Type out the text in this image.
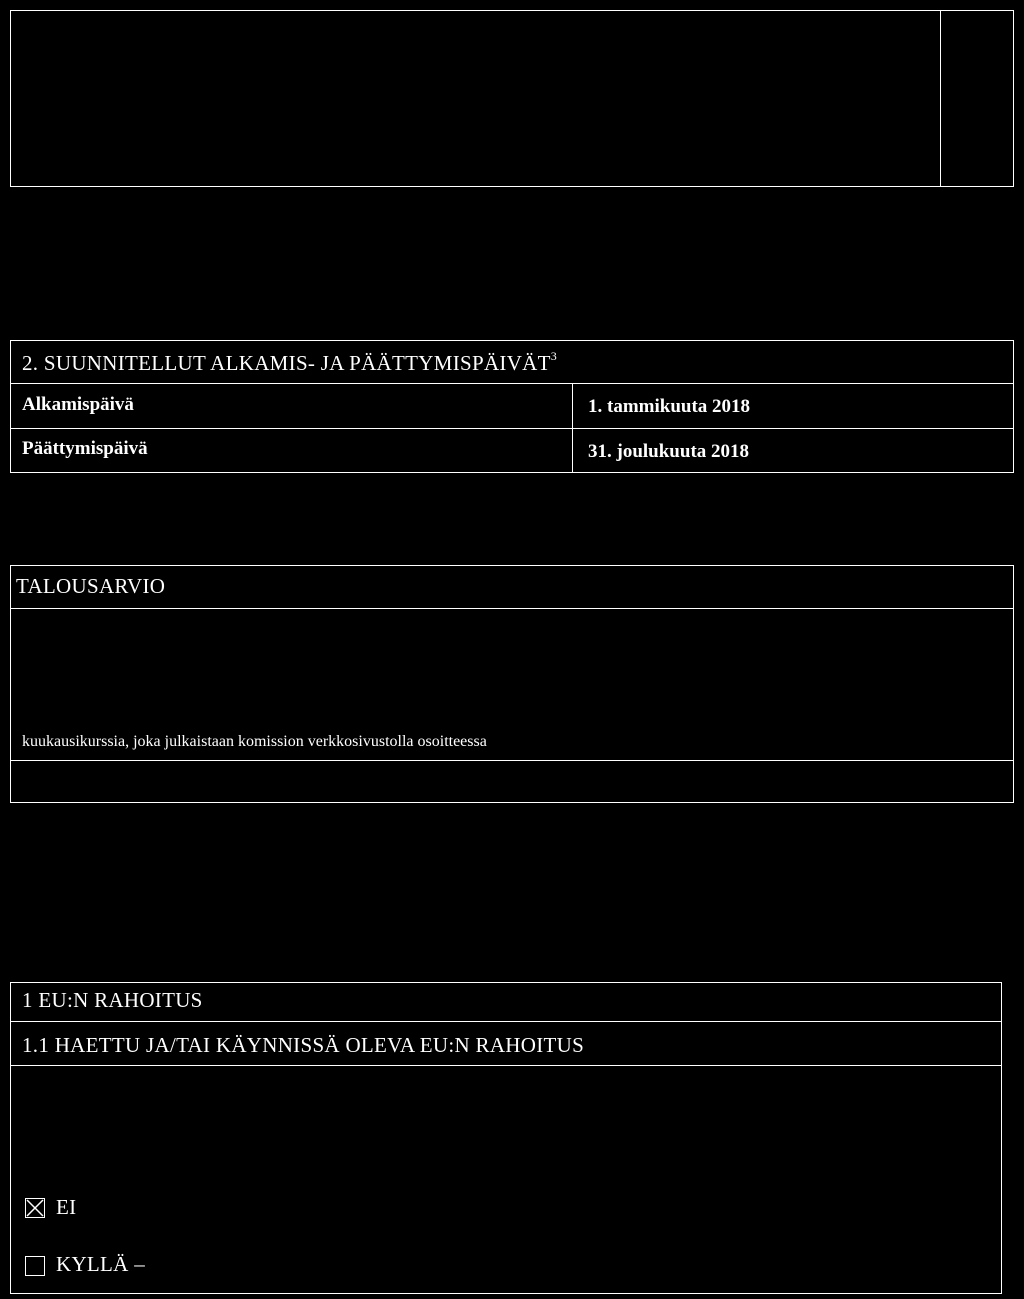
2. SUUNNITELLUT ALKAMIS- JA PÄÄTTYMISPÄIVÄT$^3$
Alkamispäivä	1. tammikuuta 2018
Päättymispäivä	31. joulukuuta 2018
TALOUSARVIO
kuukausikurssia, joka julkaistaan komission verkkosivustolla osoitteessa
1 EU:N RAHOITUS
1.1 HAETTU JA/TAI KÄYNNISSÄ OLEVA EU:N RAHOITUS
EI
KYLLÄ –
